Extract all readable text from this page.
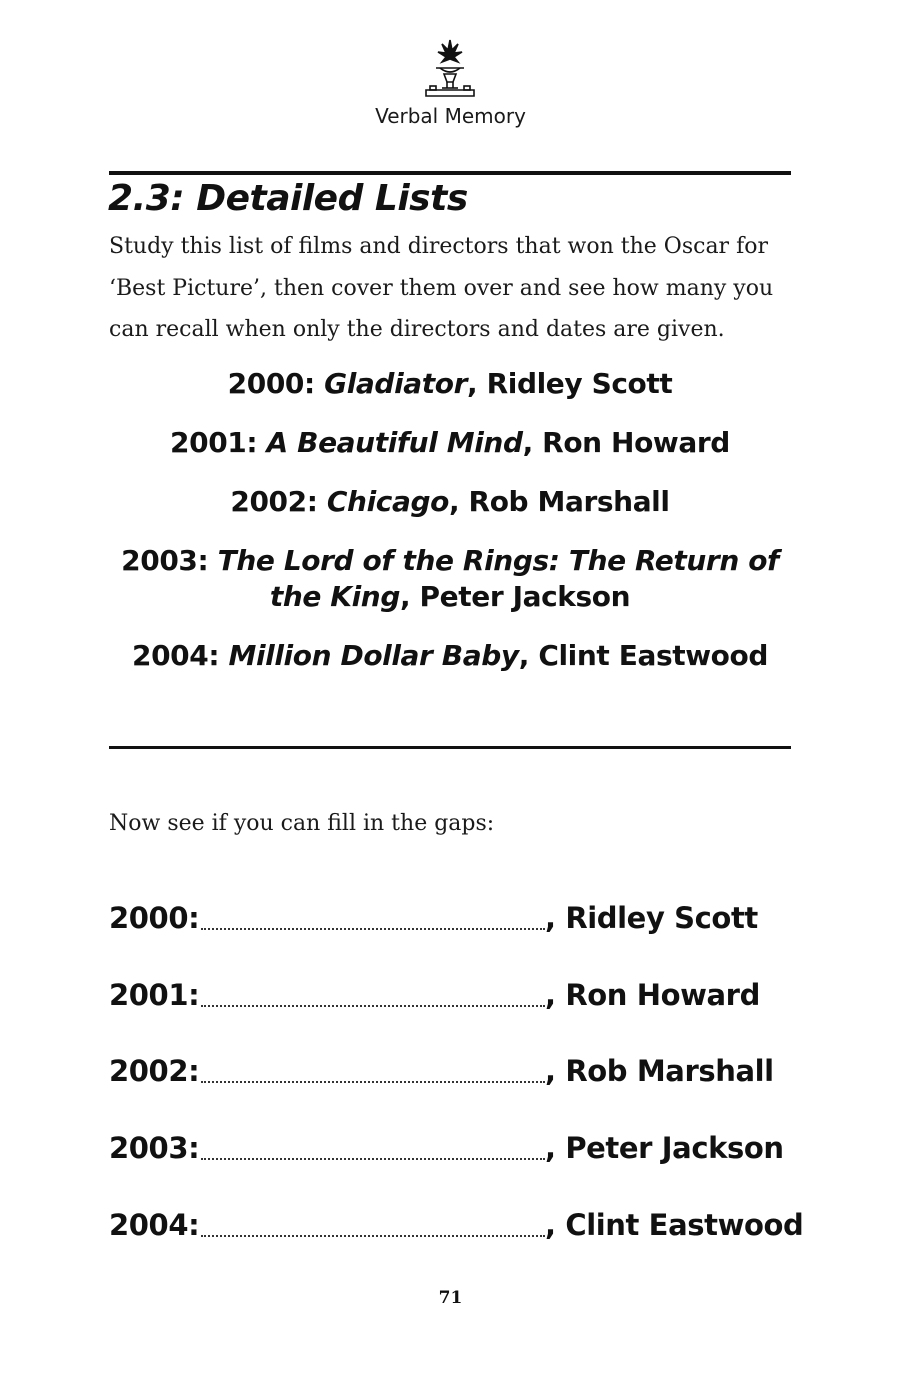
Verbal Memory
2.3: Detailed Lists
Study this list of films and directors that won the Oscar for
‘Best Picture’, then cover them over and see how many you
can recall when only the directors and dates are given.
2000: Gladiator, Ridley Scott
2001: A Beautiful Mind, Ron Howard
2002: Chicago, Rob Marshall
2003: The Lord of the Rings: The Return of
the King, Peter Jackson
2004: Million Dollar Baby, Clint Eastwood
Now see if you can fill in the gaps:
2000:	, Ridley Scott
2001:	, Ron Howard
2002:	, Rob Marshall
2003:	, Peter Jackson
2004:	, Clint Eastwood
71
